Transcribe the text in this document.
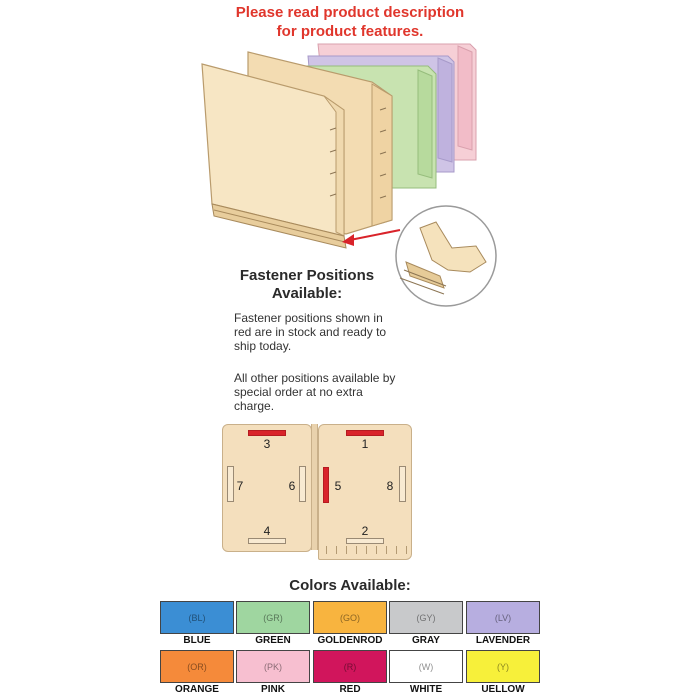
Please read product description
for product features.
Fastener Positions
Available:
Fastener positions shown in
red are in stock and ready to
ship today.
All other positions available by
special order at no extra
charge.
3	1
7	6	5	8
4	2
Colors Available:
(BL)
BLUE
(GR)
GREEN
(GO)
GOLDENROD
(GY)
GRAY
(LV)
LAVENDER
(OR)
ORANGE
(PK)
PINK
(R)
RED
(W)
WHITE
(Y)
UELLOW
